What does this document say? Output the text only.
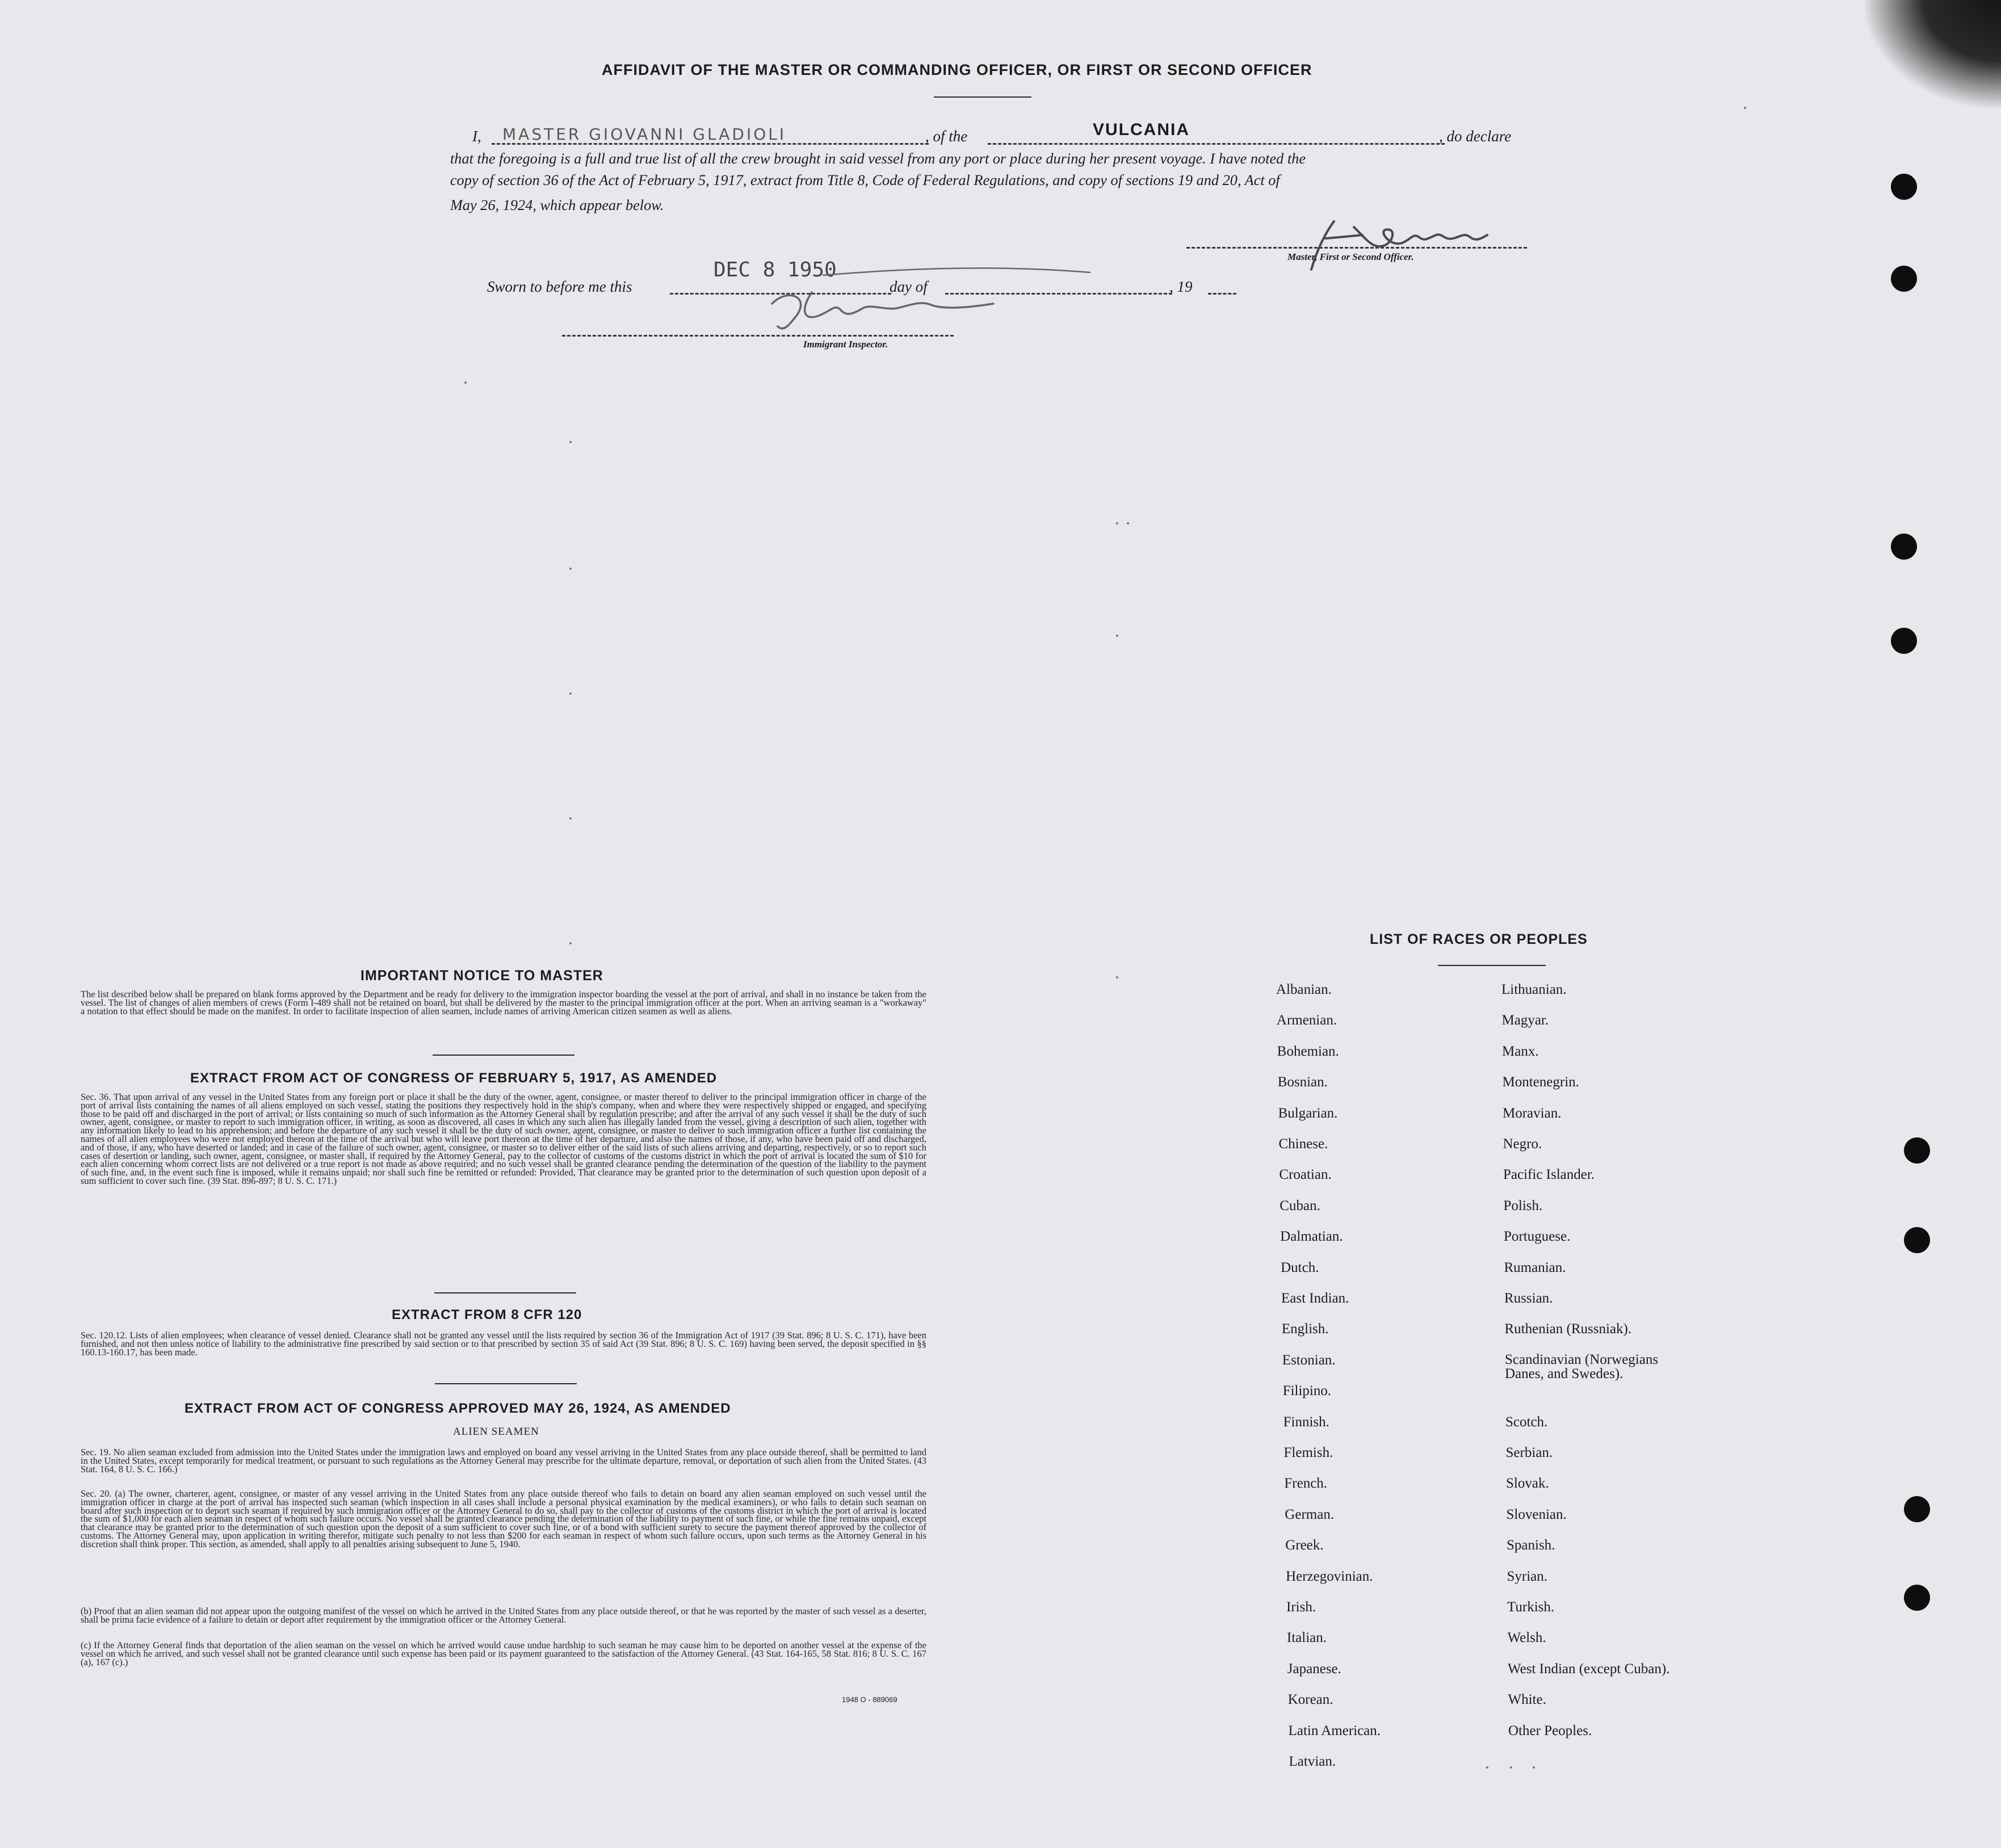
AFFIDAVIT OF THE MASTER OR COMMANDING OFFICER, OR FIRST OR SECOND OFFICER
I, MASTER GIOVANNI GLADIOLI	, of the	VULCANIA	, do declare
that the foregoing is a full and true list of all the crew brought in said vessel from any port or place during her present voyage. I have noted the
copy of section 36 of the Act of February 5, 1917, extract from Title 8, Code of Federal Regulations, and copy of sections 19 and 20, Act of
May 26, 1924, which appear below.
Master, First or Second Officer.
Sworn to before me this
DEC 8 1950
day of	, 19
Immigrant Inspector.
IMPORTANT NOTICE TO MASTER
The list described below shall be prepared on blank forms approved by the Department and be ready for delivery to the immigration inspector boarding the vessel at the port of arrival, and shall in no instance be taken from the vessel. The list of changes of alien members of crews (Form I-489 shall not be retained on board, but shall be delivered by the master to the principal immigration officer at the port. When an arriving seaman is a "workaway" a notation to that effect should be made on the manifest. In order to facilitate inspection of alien seamen, include names of arriving American citizen seamen as well as aliens.
EXTRACT FROM ACT OF CONGRESS OF FEBRUARY 5, 1917, AS AMENDED
Sec. 36. That upon arrival of any vessel in the United States from any foreign port or place it shall be the duty of the owner, agent, consignee, or master thereof to deliver to the principal immigration officer in charge of the port of arrival lists containing the names of all aliens employed on such vessel, stating the positions they respectively hold in the ship's company, when and where they were respectively shipped or engaged, and specifying those to be paid off and discharged in the port of arrival; or lists containing so much of such information as the Attorney General shall by regulation prescribe; and after the arrival of any such vessel it shall be the duty of such owner, agent, consignee, or master to report to such immigration officer, in writing, as soon as discovered, all cases in which any such alien has illegally landed from the vessel, giving a description of such alien, together with any information likely to lead to his apprehension; and before the departure of any such vessel it shall be the duty of such owner, agent, consignee, or master to deliver to such immigration officer a further list containing the names of all alien employees who were not employed thereon at the time of the arrival but who will leave port thereon at the time of her departure, and also the names of those, if any, who have been paid off and discharged, and of those, if any, who have deserted or landed; and in case of the failure of such owner, agent, consignee, or master so to deliver either of the said lists of such aliens arriving and departing, respectively, or so to report such cases of desertion or landing, such owner, agent, consignee, or master shall, if required by the Attorney General, pay to the collector of customs of the customs district in which the port of arrival is located the sum of $10 for each alien concerning whom correct lists are not delivered or a true report is not made as above required; and no such vessel shall be granted clearance pending the determination of the question of the liability to the payment of such fine, and, in the event such fine is imposed, while it remains unpaid; nor shall such fine be remitted or refunded: Provided, That clearance may be granted prior to the determination of such question upon deposit of a sum sufficient to cover such fine. (39 Stat. 896-897; 8 U. S. C. 171.)
EXTRACT FROM 8 CFR 120
Sec. 120.12. Lists of alien employees; when clearance of vessel denied. Clearance shall not be granted any vessel until the lists required by section 36 of the Immigration Act of 1917 (39 Stat. 896; 8 U. S. C. 171), have been furnished, and not then unless notice of liability to the administrative fine prescribed by said section or to that prescribed by section 35 of said Act (39 Stat. 896; 8 U. S. C. 169) having been served, the deposit specified in §§ 160.13-160.17, has been made.
EXTRACT FROM ACT OF CONGRESS APPROVED MAY 26, 1924, AS AMENDED
ALIEN SEAMEN
Sec. 19. No alien seaman excluded from admission into the United States under the immigration laws and employed on board any vessel arriving in the United States from any place outside thereof, shall be permitted to land in the United States, except temporarily for medical treatment, or pursuant to such regulations as the Attorney General may prescribe for the ultimate departure, removal, or deportation of such alien from the United States. (43 Stat. 164, 8 U. S. C. 166.)
Sec. 20. (a) The owner, charterer, agent, consignee, or master of any vessel arriving in the United States from any place outside thereof who fails to detain on board any alien seaman employed on such vessel until the immigration officer in charge at the port of arrival has inspected such seaman (which inspection in all cases shall include a personal physical examination by the medical examiners), or who fails to detain such seaman on board after such inspection or to deport such seaman if required by such immigration officer or the Attorney General to do so, shall pay to the collector of customs of the customs district in which the port of arrival is located the sum of $1,000 for each alien seaman in respect of whom such failure occurs. No vessel shall be granted clearance pending the determination of the liability to payment of such fine, or while the fine remains unpaid, except that clearance may be granted prior to the determination of such question upon the deposit of a sum sufficient to cover such fine, or of a bond with sufficient surety to secure the payment thereof approved by the collector of customs. The Attorney General may, upon application in writing therefor, mitigate such penalty to not less than $200 for each seaman in respect of whom such failure occurs, upon such terms as the Attorney General in his discretion shall think proper. This section, as amended, shall apply to all penalties arising subsequent to June 5, 1940.
(b) Proof that an alien seaman did not appear upon the outgoing manifest of the vessel on which he arrived in the United States from any place outside thereof, or that he was reported by the master of such vessel as a deserter, shall be prima facie evidence of a failure to detain or deport after requirement by the immigration officer or the Attorney General.
(c) If the Attorney General finds that deportation of the alien seaman on the vessel on which he arrived would cause undue hardship to such seaman he may cause him to be deported on another vessel at the expense of the vessel on which he arrived, and such vessel shall not be granted clearance until such expense has been paid or its payment guaranteed to the satisfaction of the Attorney General. (43 Stat. 164-165, 58 Stat. 816; 8 U. S. C. 167 (a), 167 (c).)
1948 O - 889069
LIST OF RACES OR PEOPLES
Albanian.
Armenian.
Bohemian.
Bosnian.
Bulgarian.
Chinese.
Croatian.
Cuban.
Dalmatian.
Dutch.
East Indian.
English.
Estonian.
Filipino.
Finnish.
Flemish.
French.
German.
Greek.
Herzegovinian.
Irish.
Italian.
Japanese.
Korean.
Latin American.
Latvian.
Lithuanian.
Magyar.
Manx.
Montenegrin.
Moravian.
Negro.
Pacific Islander.
Polish.
Portuguese.
Rumanian.
Russian.
Ruthenian (Russniak).
Scandinavian (Norwegians Danes, and Swedes).
Scotch.
Serbian.
Slovak.
Slovenian.
Spanish.
Syrian.
Turkish.
Welsh.
West Indian (except Cuban).
White.
Other Peoples.
